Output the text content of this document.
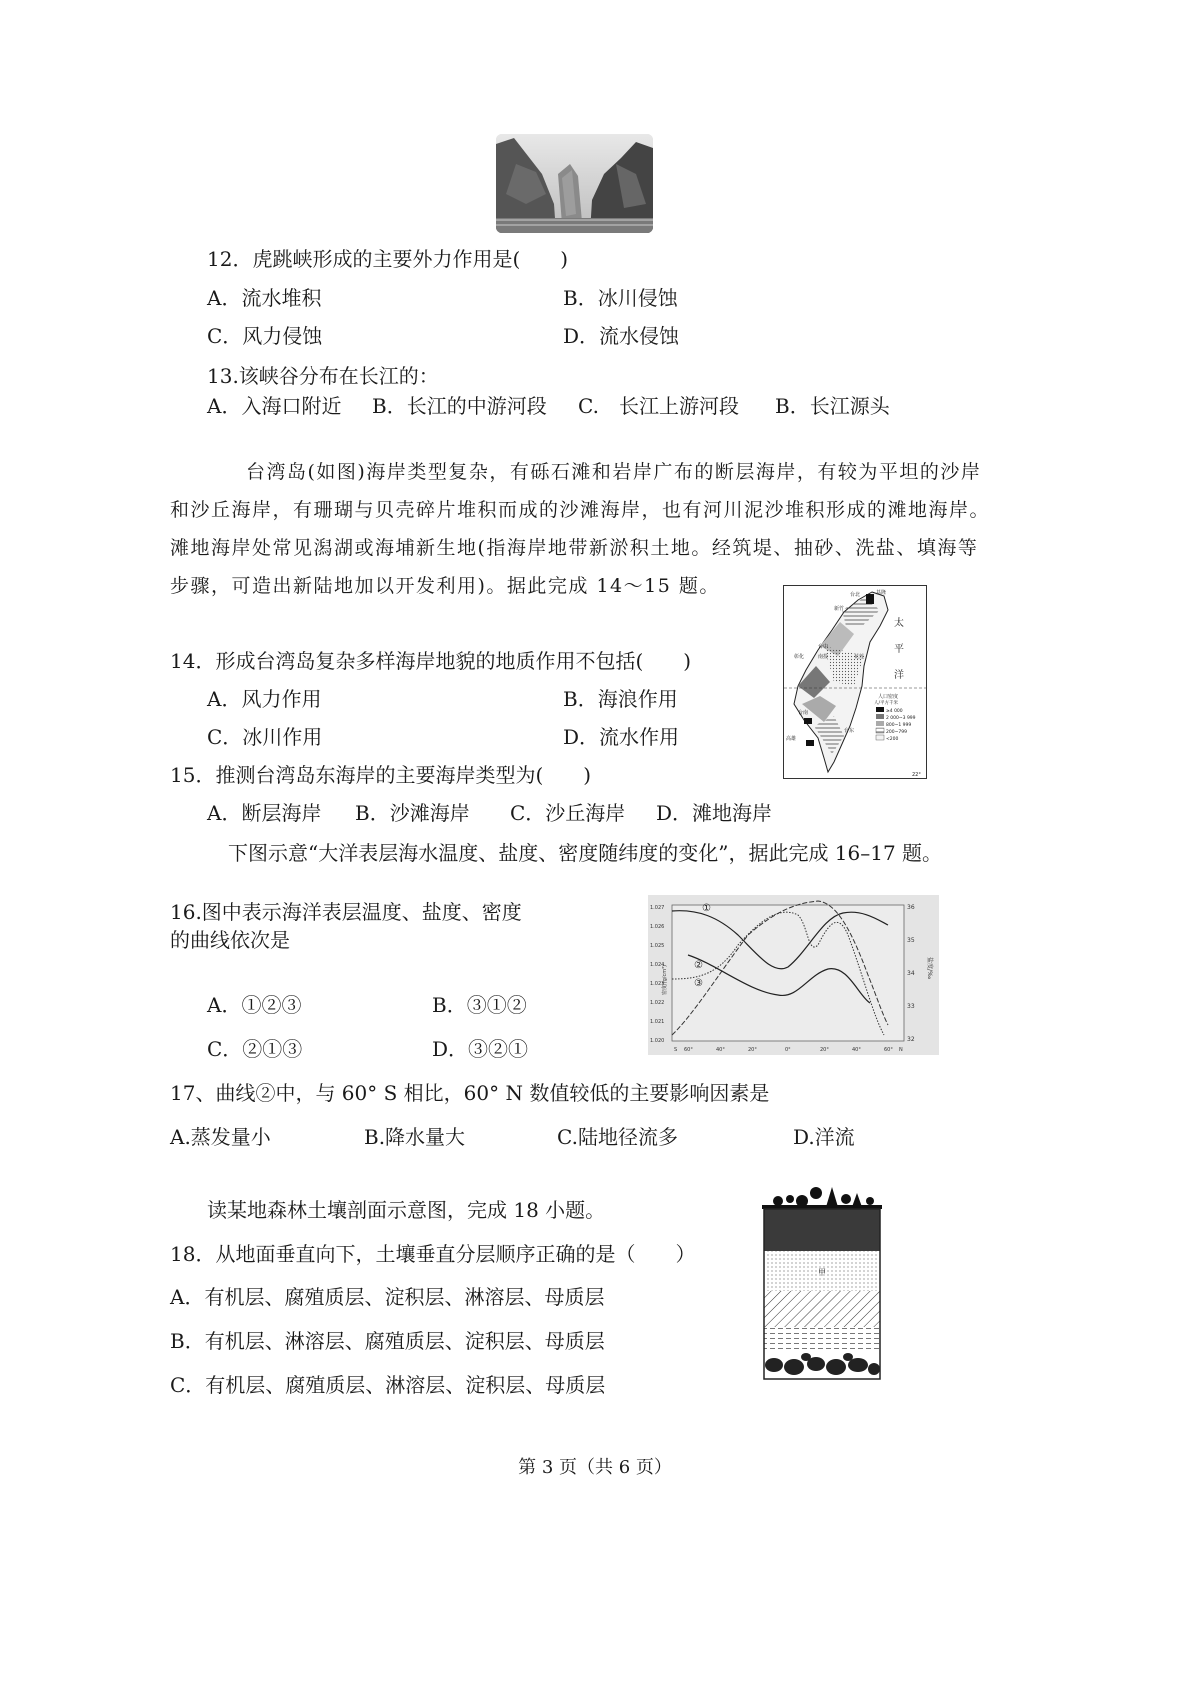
12．虎跳峡形成的主要外力作用是(　　)
A．流水堆积	B．冰川侵蚀
C．风力侵蚀	D．流水侵蚀
13.该峡谷分布在长江的：
A．入海口附近 B．长江的中游河段 C.　长江上游河段 B．长江源头
台湾岛(如图)海岸类型复杂，有砾石滩和岩岸广布的断层海岸，有较为平坦的沙岸
和沙丘海岸，有珊瑚与贝壳碎片堆积而成的沙滩海岸，也有河川泥沙堆积形成的滩地海岸。
滩地海岸处常见潟湖或海埔新生地(指海岸地带新淤积土地。经筑堤、抽砂、洗盐、填海等
步骤，可造出新陆地加以开发利用)。据此完成 14～15 题。
太
平
洋
基隆
台北
新竹
台中
彰化	南投	花莲
台南
高雄
台东
人口密度
人/平方千米
≥4 000
2 000~3 999
800~1 999
200~799
<200
22°
14．形成台湾岛复杂多样海岸地貌的地质作用不包括(　　)
A．风力作用	B．海浪作用
C．冰川作用	D．流水作用
15．推测台湾岛东海岸的主要海岸类型为(　　)
A．断层海岸 B．沙滩海岸 C．沙丘海岸 D．滩地海岸
下图示意“大洋表层海水温度、盐度、密度随纬度的变化”，据此完成 16–17 题。
16.图中表示海洋表层温度、盐度、密度
的曲线依次是
A．①②③	B．③①②
C．②①③	D．③②①
1.027
1.026
1.025
1.024
1.023
1.022
1.021
1.020
36
35
34
33
32
S 60°	40°	20°	0°	20°	40°	60° N
密度/(g/cm³)	盐度/‰
①
②
③
17、曲线②中，与 60° S 相比，60° N 数值较低的主要影响因素是
A.蒸发量小	B.降水量大	C.陆地径流多	D.洋流
读某地森林土壤剖面示意图，完成 18 小题。
18．从地面垂直向下，土壤垂直分层顺序正确的是（　　）
A．有机层、腐殖质层、淀积层、淋溶层、母质层
B．有机层、淋溶层、腐殖质层、淀积层、母质层
C．有机层、腐殖质层、淋溶层、淀积层、母质层
甲
第 3 页（共 6 页）
